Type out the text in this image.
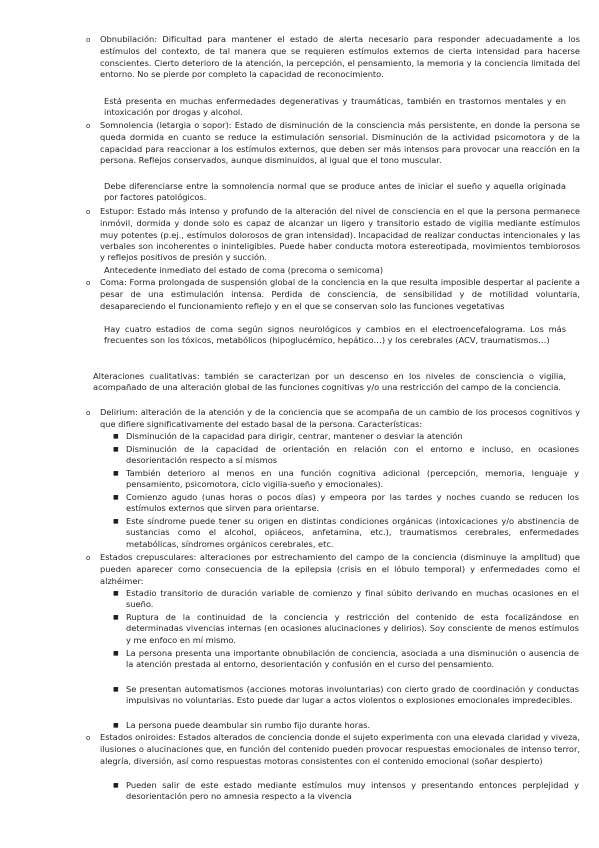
o Obnubilación: Dificultad para mantener el estado de alerta necesario para responder adecuadamente a los estímulos del contexto, de tal manera que se requieren estímulos externos de cierta intensidad para hacerse conscientes. Cierto deterioro de la atención, la percepción, el pensamiento, la memoria y la conciencia limitada del entorno. No se pierde por completo la capacidad de reconocimiento.

Está presenta en muchas enfermedades degenerativas y traumáticas, también en trastornos mentales y en intoxicación por drogas y alcohol.

o Somnolencia (letargia o sopor): Estado de disminución de la consciencia más persistente, en donde la persona se queda dormida en cuanto se reduce la estimulación sensorial. Disminución de la actividad psicomotora y de la capacidad para reaccionar a los estímulos externos, que deben ser más intensos para provocar una reacción en la persona. Reflejos conservados, aunque disminuidos, al igual que el tono muscular.

Debe diferenciarse entre la somnolencia normal que se produce antes de iniciar el sueño y aquella originada por factores patológicos.

o Estupor: Estado más intenso y profundo de la alteración del nivel de consciencia en el que la persona permanece inmóvil, dormida y donde solo es capaz de alcanzar un ligero y transitorio estado de vigilia mediante estímulos muy potentes (p.ej., estímulos dolorosos de gran intensidad). Incapacidad de realizar conductas intencionales y las verbales son incoherentes o ininteligibles. Puede haber conducta motora estereotipada, movimientos temblorosos y reflejos positivos de presión y succión.

Antecedente inmediato del estado de coma (precoma o semicoma)

o Coma: Forma prolongada de suspensión global de la conciencia en la que resulta imposible despertar al paciente a pesar de una estimulación intensa. Perdida de consciencia, de sensibilidad y de motilidad voluntaria, desapareciendo el funcionamiento reflejo y en el que se conservan solo las funciones vegetativas

Hay cuatro estadios de coma según signos neurológicos y cambios en el electroencefalograma. Los más frecuentes son los tóxicos, metabólicos (hipoglucémico, hepático…) y los cerebrales (ACV, traumatismos…)

Alteraciones cualitativas: también se caracterizan por un descenso en los niveles de consciencia o vigilia, acompañado de una alteración global de las funciones cognitivas y/o una restricción del campo de la conciencia.

o Delirium: alteración de la atención y de la conciencia que se acompaña de un cambio de los procesos cognitivos y que difiere significativamente del estado basal de la persona. Características:

■ Disminución de la capacidad para dirigir, centrar, mantener o desviar la atención

■ Disminución de la capacidad de orientación en relación con el entorno e incluso, en ocasiones desorientación respecto a sí mismos

■ También deterioro al menos en una función cognitiva adicional (percepción, memoria, lenguaje y pensamiento, psicomotora, ciclo vigilia-sueño y emocionales).

■ Comienzo agudo (unas horas o pocos días) y empeora por las tardes y noches cuando se reducen los estímulos externos que sirven para orientarse.

■ Este síndrome puede tener su origen en distintas condiciones orgánicas (intoxicaciones y/o abstinencia de sustancias como el alcohol, opiáceos, anfetamina, etc.), traumatismos cerebrales, enfermedades metabólicas, síndromes orgánicos cerebrales, etc.

o Estados crepusculares: alteraciones por estrechamiento del campo de la conciencia (disminuye la amplitud) que pueden aparecer como consecuencia de la epilepsia (crisis en el lóbulo temporal) y enfermedades como el alzhéimer:

■ Estadio transitorio de duración variable de comienzo y final súbito derivando en muchas ocasiones en el sueño.

■ Ruptura de la continuidad de la conciencia y restricción del contenido de esta focalizándose en determinadas vivencias internas (en ocasiones alucinaciones y delirios). Soy consciente de menos estímulos y me enfoco en mí mismo.

■ La persona presenta una importante obnubilación de conciencia, asociada a una disminución o ausencia de la atención prestada al entorno, desorientación y confusión en el curso del pensamiento.

■ Se presentan automatismos (acciones motoras involuntarias) con cierto grado de coordinación y conductas impulsivas no voluntarias. Esto puede dar lugar a actos violentos o explosiones emocionales impredecibles.

■ La persona puede deambular sin rumbo fijo durante horas.

o Estados oniroides: Estados alterados de conciencia donde el sujeto experimenta con una elevada claridad y viveza, ilusiones o alucinaciones que, en función del contenido pueden provocar respuestas emocionales de intenso terror, alegría, diversión, así como respuestas motoras consistentes con el contenido emocional (soñar despierto)

■ Pueden salir de este estado mediante estímulos muy intensos y presentando entonces perplejidad y desorientación pero no amnesia respecto a la vivencia
